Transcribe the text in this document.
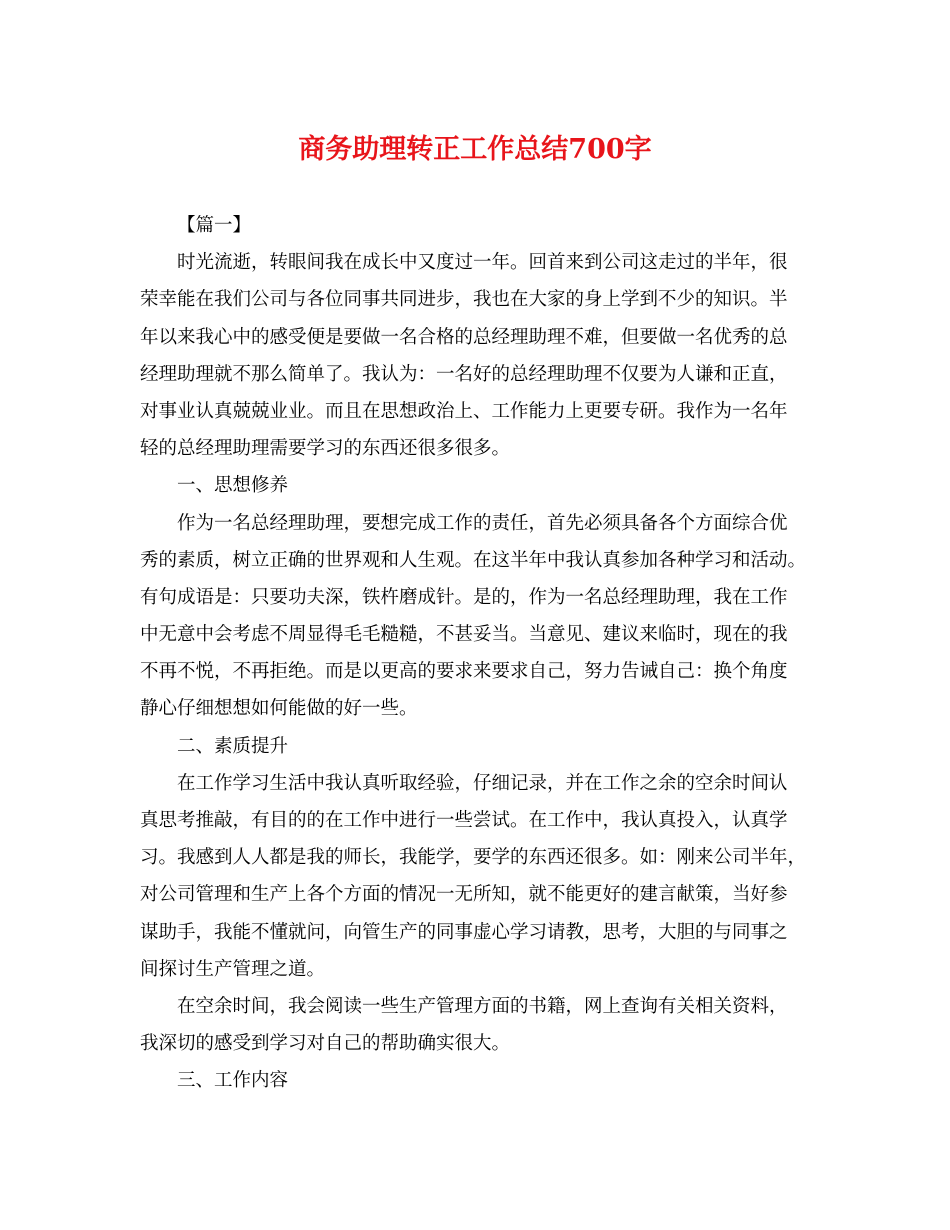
商务助理转正工作总结700字
【篇一】
时光流逝，转眼间我在成长中又度过一年。回首来到公司这走过的半年，很
荣幸能在我们公司与各位同事共同进步，我也在大家的身上学到不少的知识。半
年以来我心中的感受便是要做一名合格的总经理助理不难，但要做一名优秀的总
经理助理就不那么简单了。我认为：一名好的总经理助理不仅要为人谦和正直，
对事业认真兢兢业业。而且在思想政治上、工作能力上更要专研。我作为一名年
轻的总经理助理需要学习的东西还很多很多。
一、思想修养
作为一名总经理助理，要想完成工作的责任，首先必须具备各个方面综合优
秀的素质，树立正确的世界观和人生观。在这半年中我认真参加各种学习和活动。
有句成语是：只要功夫深，铁杵磨成针。是的，作为一名总经理助理，我在工作
中无意中会考虑不周显得毛毛糙糙，不甚妥当。当意见、建议来临时，现在的我
不再不悦，不再拒绝。而是以更高的要求来要求自己，努力告诫自己：换个角度
静心仔细想想如何能做的好一些。
二、素质提升
在工作学习生活中我认真听取经验，仔细记录，并在工作之余的空余时间认
真思考推敲，有目的的在工作中进行一些尝试。在工作中，我认真投入，认真学
习。我感到人人都是我的师长，我能学，要学的东西还很多。如：刚来公司半年，
对公司管理和生产上各个方面的情况一无所知，就不能更好的建言献策，当好参
谋助手，我能不懂就问，向管生产的同事虚心学习请教，思考，大胆的与同事之
间探讨生产管理之道。
在空余时间，我会阅读一些生产管理方面的书籍，网上查询有关相关资料，
我深切的感受到学习对自己的帮助确实很大。
三、工作内容
